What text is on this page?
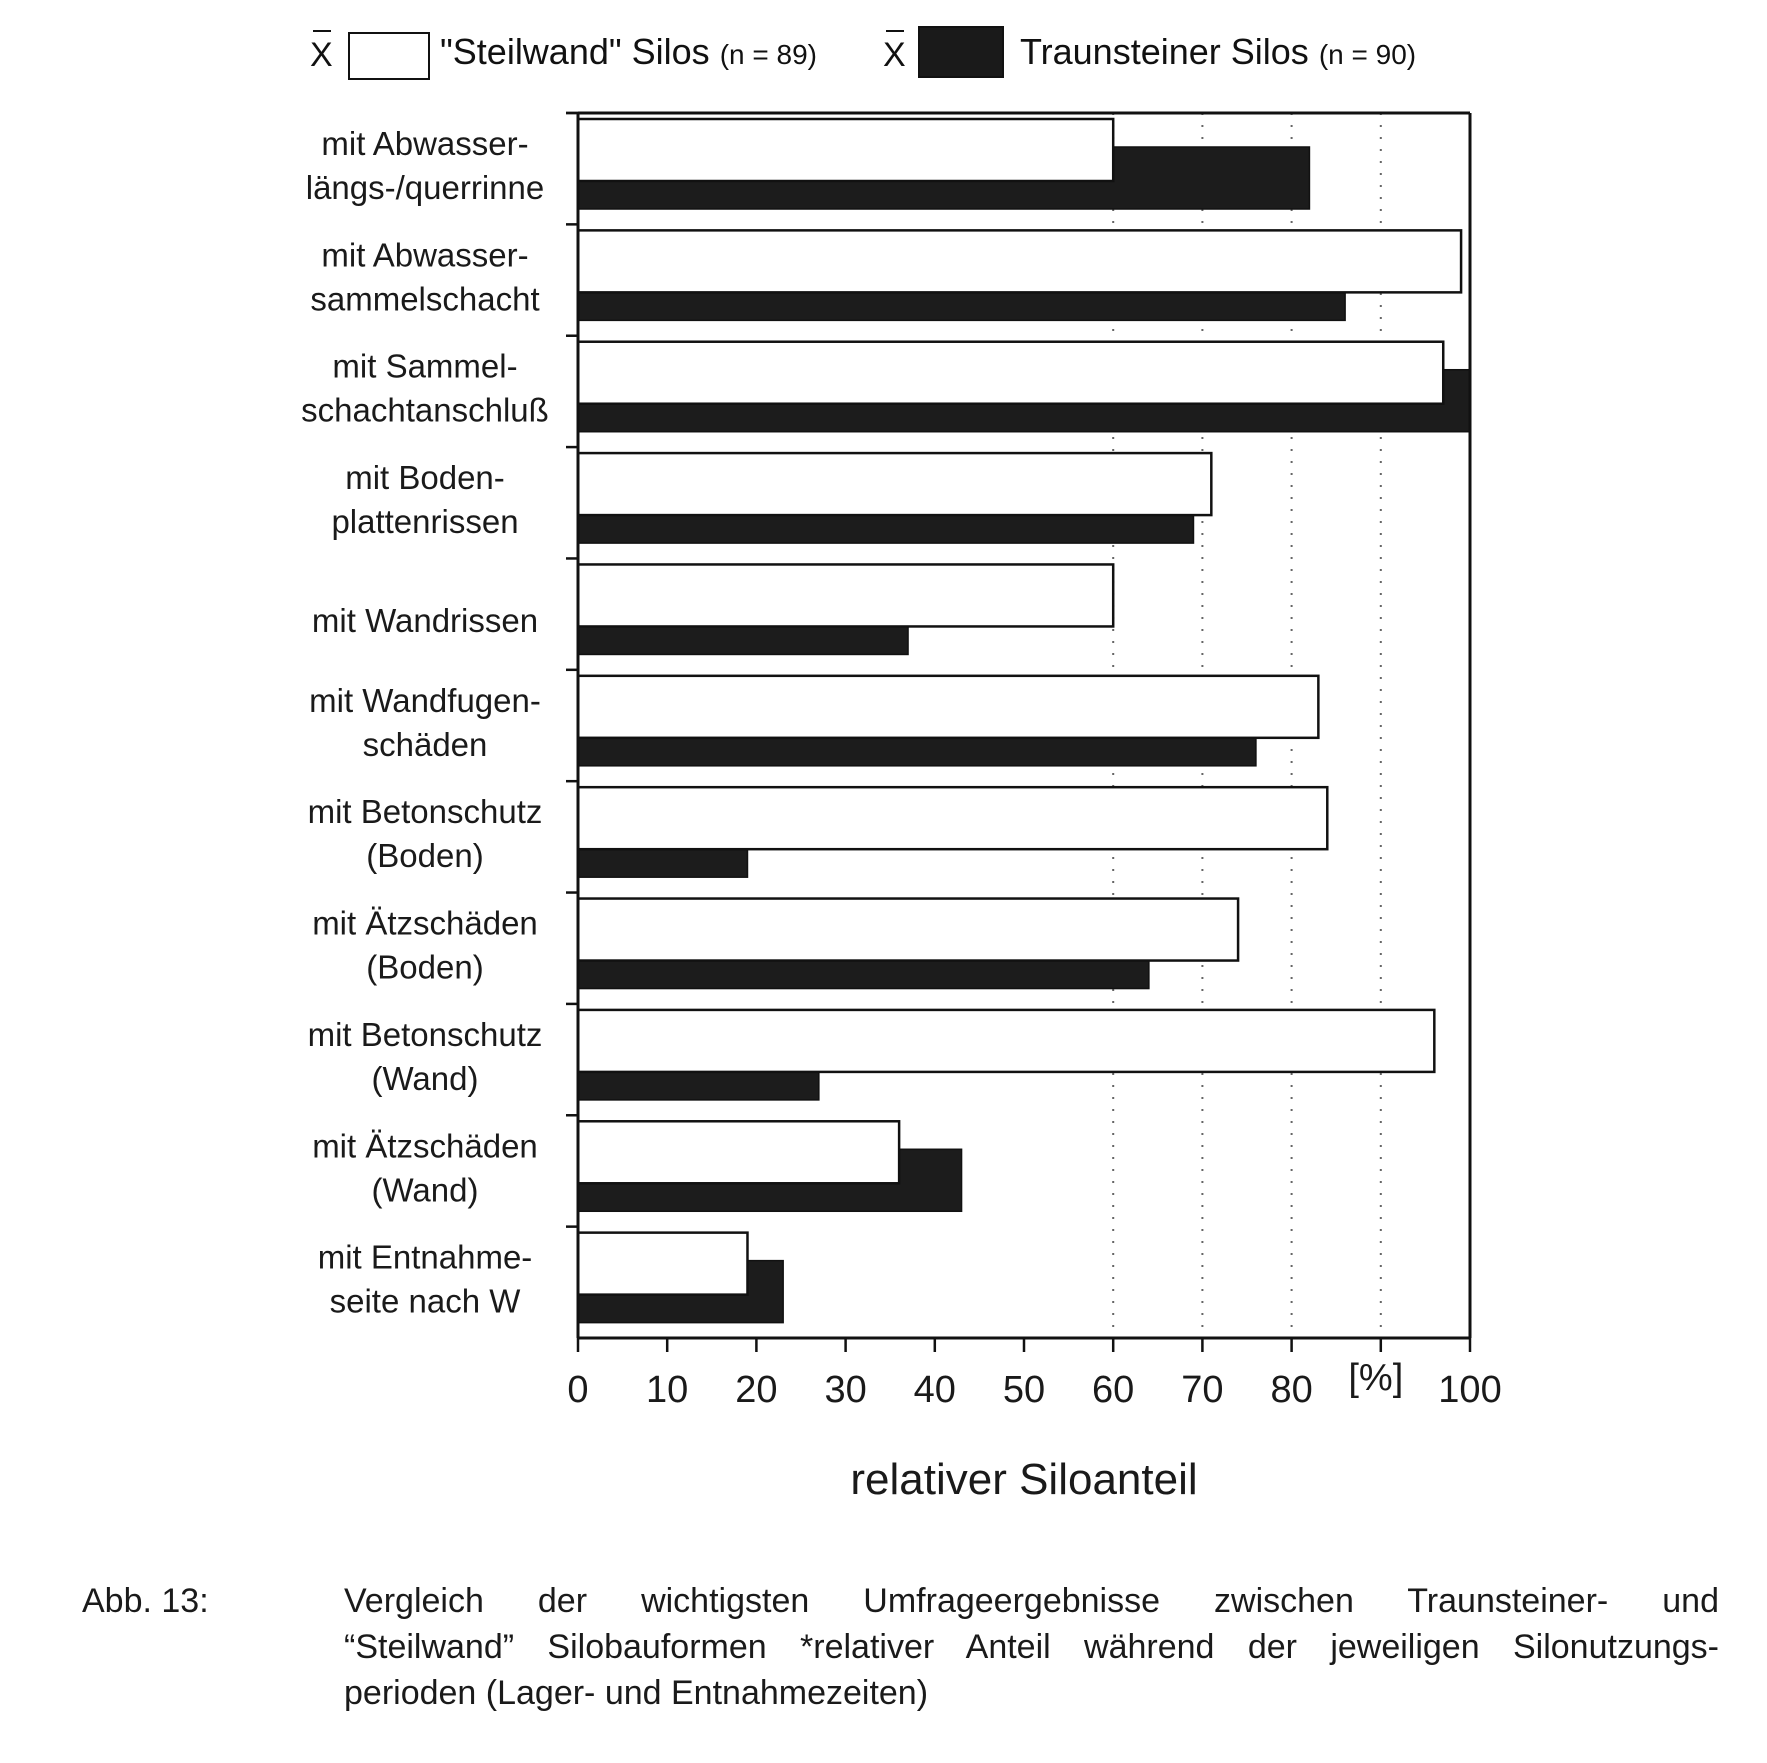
X	"Steilwand" Silos (n = 89) X	Traunsteiner Silos (n = 90)
mit Abwasser-
längs-/querrinne
mit Abwasser-
sammelschacht
mit Sammel-
schachtanschluß
mit Boden-
plattenrissen
mit Wandrissen
mit Wandfugen-
schäden
mit Betonschutz
(Boden)
mit Ätzschäden
(Boden)
mit Betonschutz
(Wand)
mit Ätzschäden
(Wand)
mit Entnahme-
seite nach W
0 10 20 30 40 50 60 70 80	100
[%]
relativer Siloanteil
Abb. 13:	Vergleich der wichtigsten Umfrageergebnisse zwischen Traunsteiner- und
“Steilwand” Silobauformen *relativer Anteil während der jeweiligen Silonutzungs-
perioden (Lager- und Entnahmezeiten)
